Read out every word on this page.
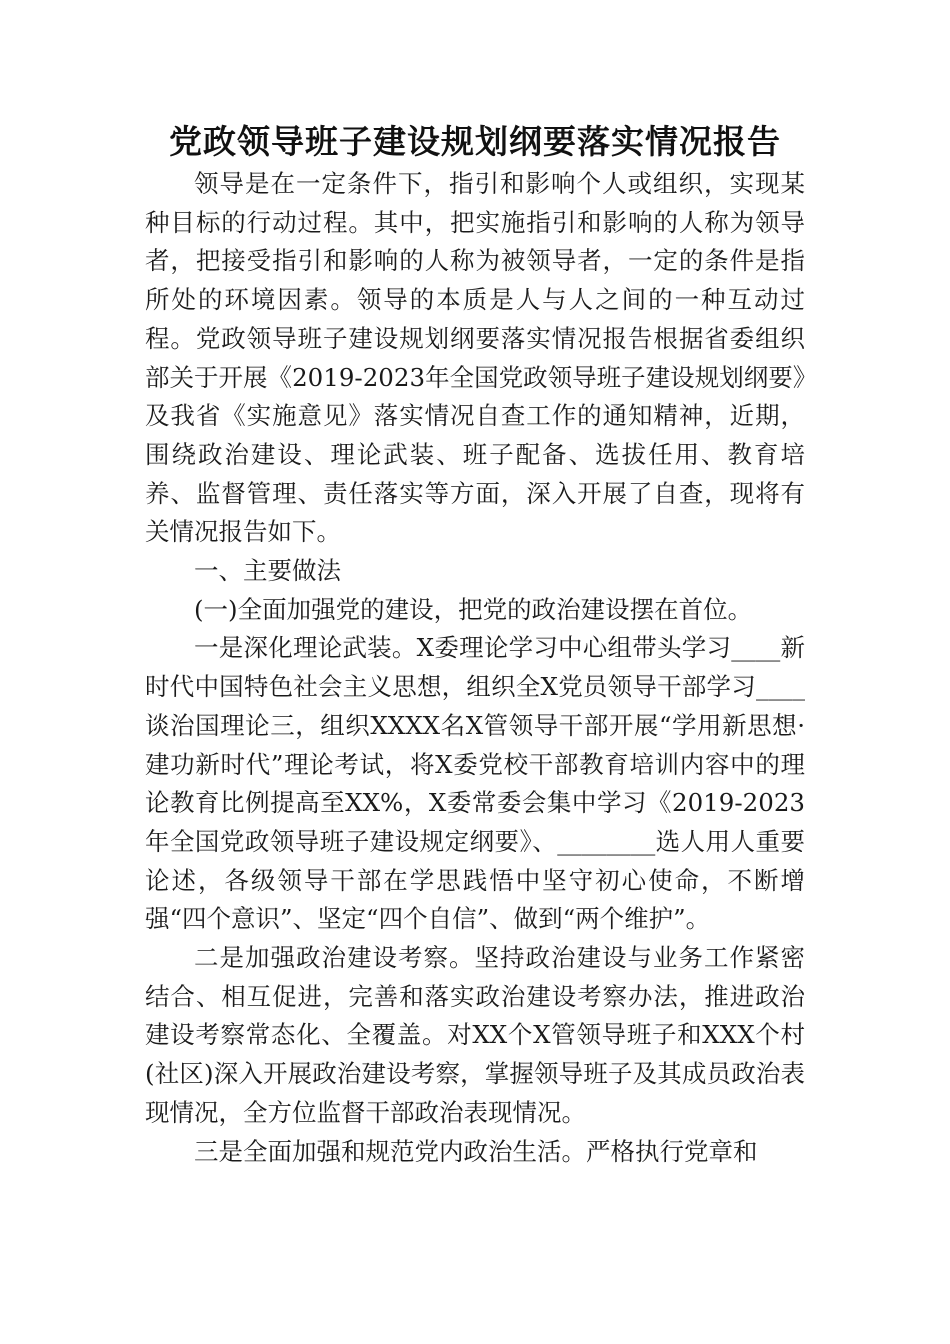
党政领导班子建设规划纲要落实情况报告

领导是在一定条件下，指引和影响个人或组织，实现某种目标的行动过程。其中，把实施指引和影响的人称为领导者，把接受指引和影响的人称为被领导者，一定的条件是指所处的环境因素。领导的本质是人与人之间的一种互动过程。党政领导班子建设规划纲要落实情况报告根据省委组织部关于开展《2019-2023年全国党政领导班子建设规划纲要》及我省《实施意见》落实情况自查工作的通知精神，近期，围绕政治建设、理论武装、班子配备、选拔任用、教育培养、监督管理、责任落实等方面，深入开展了自查，现将有关情况报告如下。

一、主要做法

(一)全面加强党的建设，把党的政治建设摆在首位。

一是深化理论武装。X委理论学习中心组带头学习____新时代中国特色社会主义思想，组织全X党员领导干部学习____谈治国理论三，组织XXXX名X管领导干部开展“学用新思想·建功新时代”理论考试，将X委党校干部教育培训内容中的理论教育比例提高至XX%，X委常委会集中学习《2019-2023年全国党政领导班子建设规定纲要》、________选人用人重要论述，各级领导干部在学思践悟中坚守初心使命，不断增强“四个意识”、坚定“四个自信”、做到“两个维护”。

二是加强政治建设考察。坚持政治建设与业务工作紧密结合、相互促进，完善和落实政治建设考察办法，推进政治建设考察常态化、全覆盖。对XX个X管领导班子和XXX个村(社区)深入开展政治建设考察，掌握领导班子及其成员政治表现情况，全方位监督干部政治表现情况。

三是全面加强和规范党内政治生活。严格执行党章和
